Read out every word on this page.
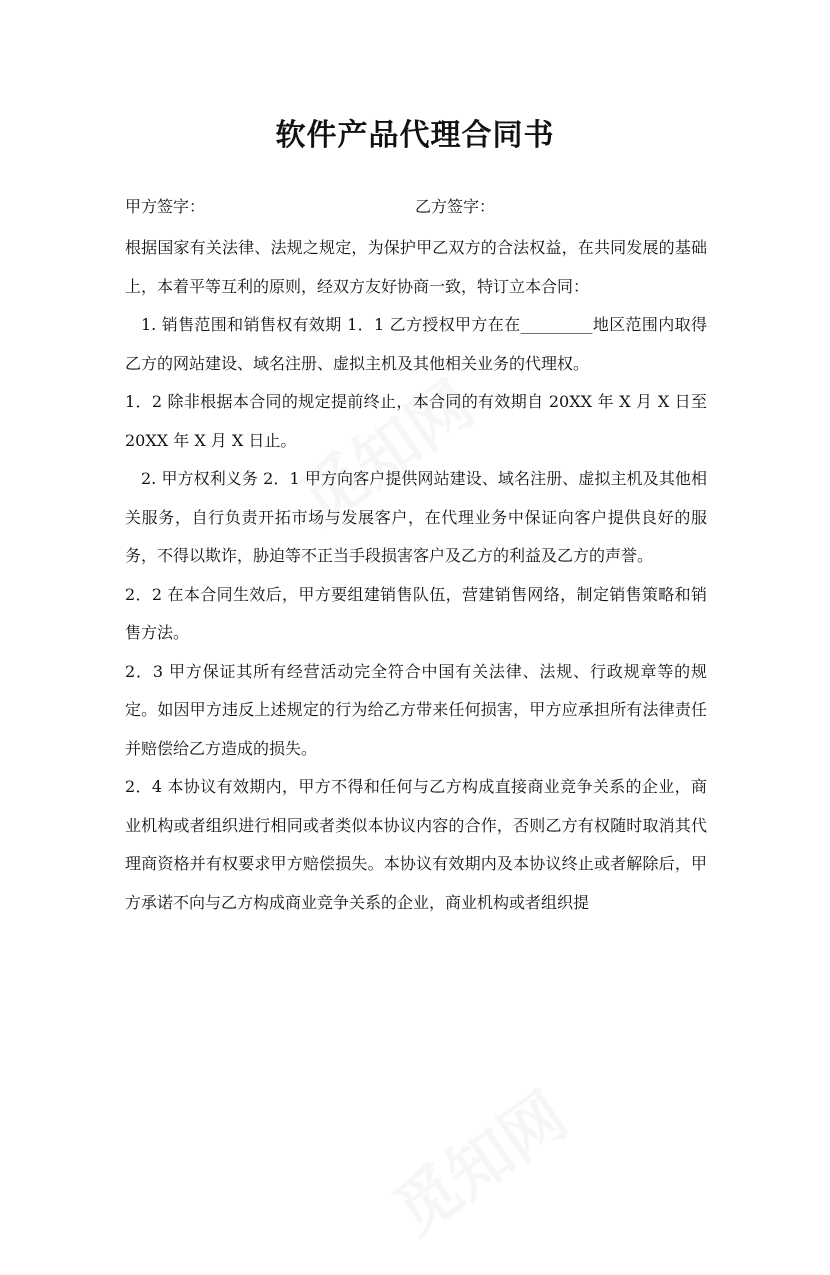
软件产品代理合同书
甲方签字：	乙方签字：

根据国家有关法律、法规之规定，为保护甲乙双方的合法权益，在共同发展的基础上，本着平等互利的原则，经双方友好协商一致，特订立本合同：

1. 销售范围和销售权有效期 1．1 乙方授权甲方在在_________地区范围内取得乙方的网站建设、域名注册、虚拟主机及其他相关业务的代理权。

1．2 除非根据本合同的规定提前终止，本合同的有效期自 20XX 年 X 月 X 日至 20XX 年 X 月 X 日止。

2. 甲方权利义务 2．1 甲方向客户提供网站建设、域名注册、虚拟主机及其他相关服务，自行负责开拓市场与发展客户，在代理业务中保证向客户提供良好的服务，不得以欺诈，胁迫等不正当手段损害客户及乙方的利益及乙方的声誉。

2．2 在本合同生效后，甲方要组建销售队伍，营建销售网络，制定销售策略和销售方法。

2．3 甲方保证其所有经营活动完全符合中国有关法律、法规、行政规章等的规定。如因甲方违反上述规定的行为给乙方带来任何损害，甲方应承担所有法律责任并赔偿给乙方造成的损失。

2．4 本协议有效期内，甲方不得和任何与乙方构成直接商业竞争关系的企业，商业机构或者组织进行相同或者类似本协议内容的合作，否则乙方有权随时取消其代理商资格并有权要求甲方赔偿损失。本协议有效期内及本协议终止或者解除后，甲方承诺不向与乙方构成商业竞争关系的企业，商业机构或者组织提
